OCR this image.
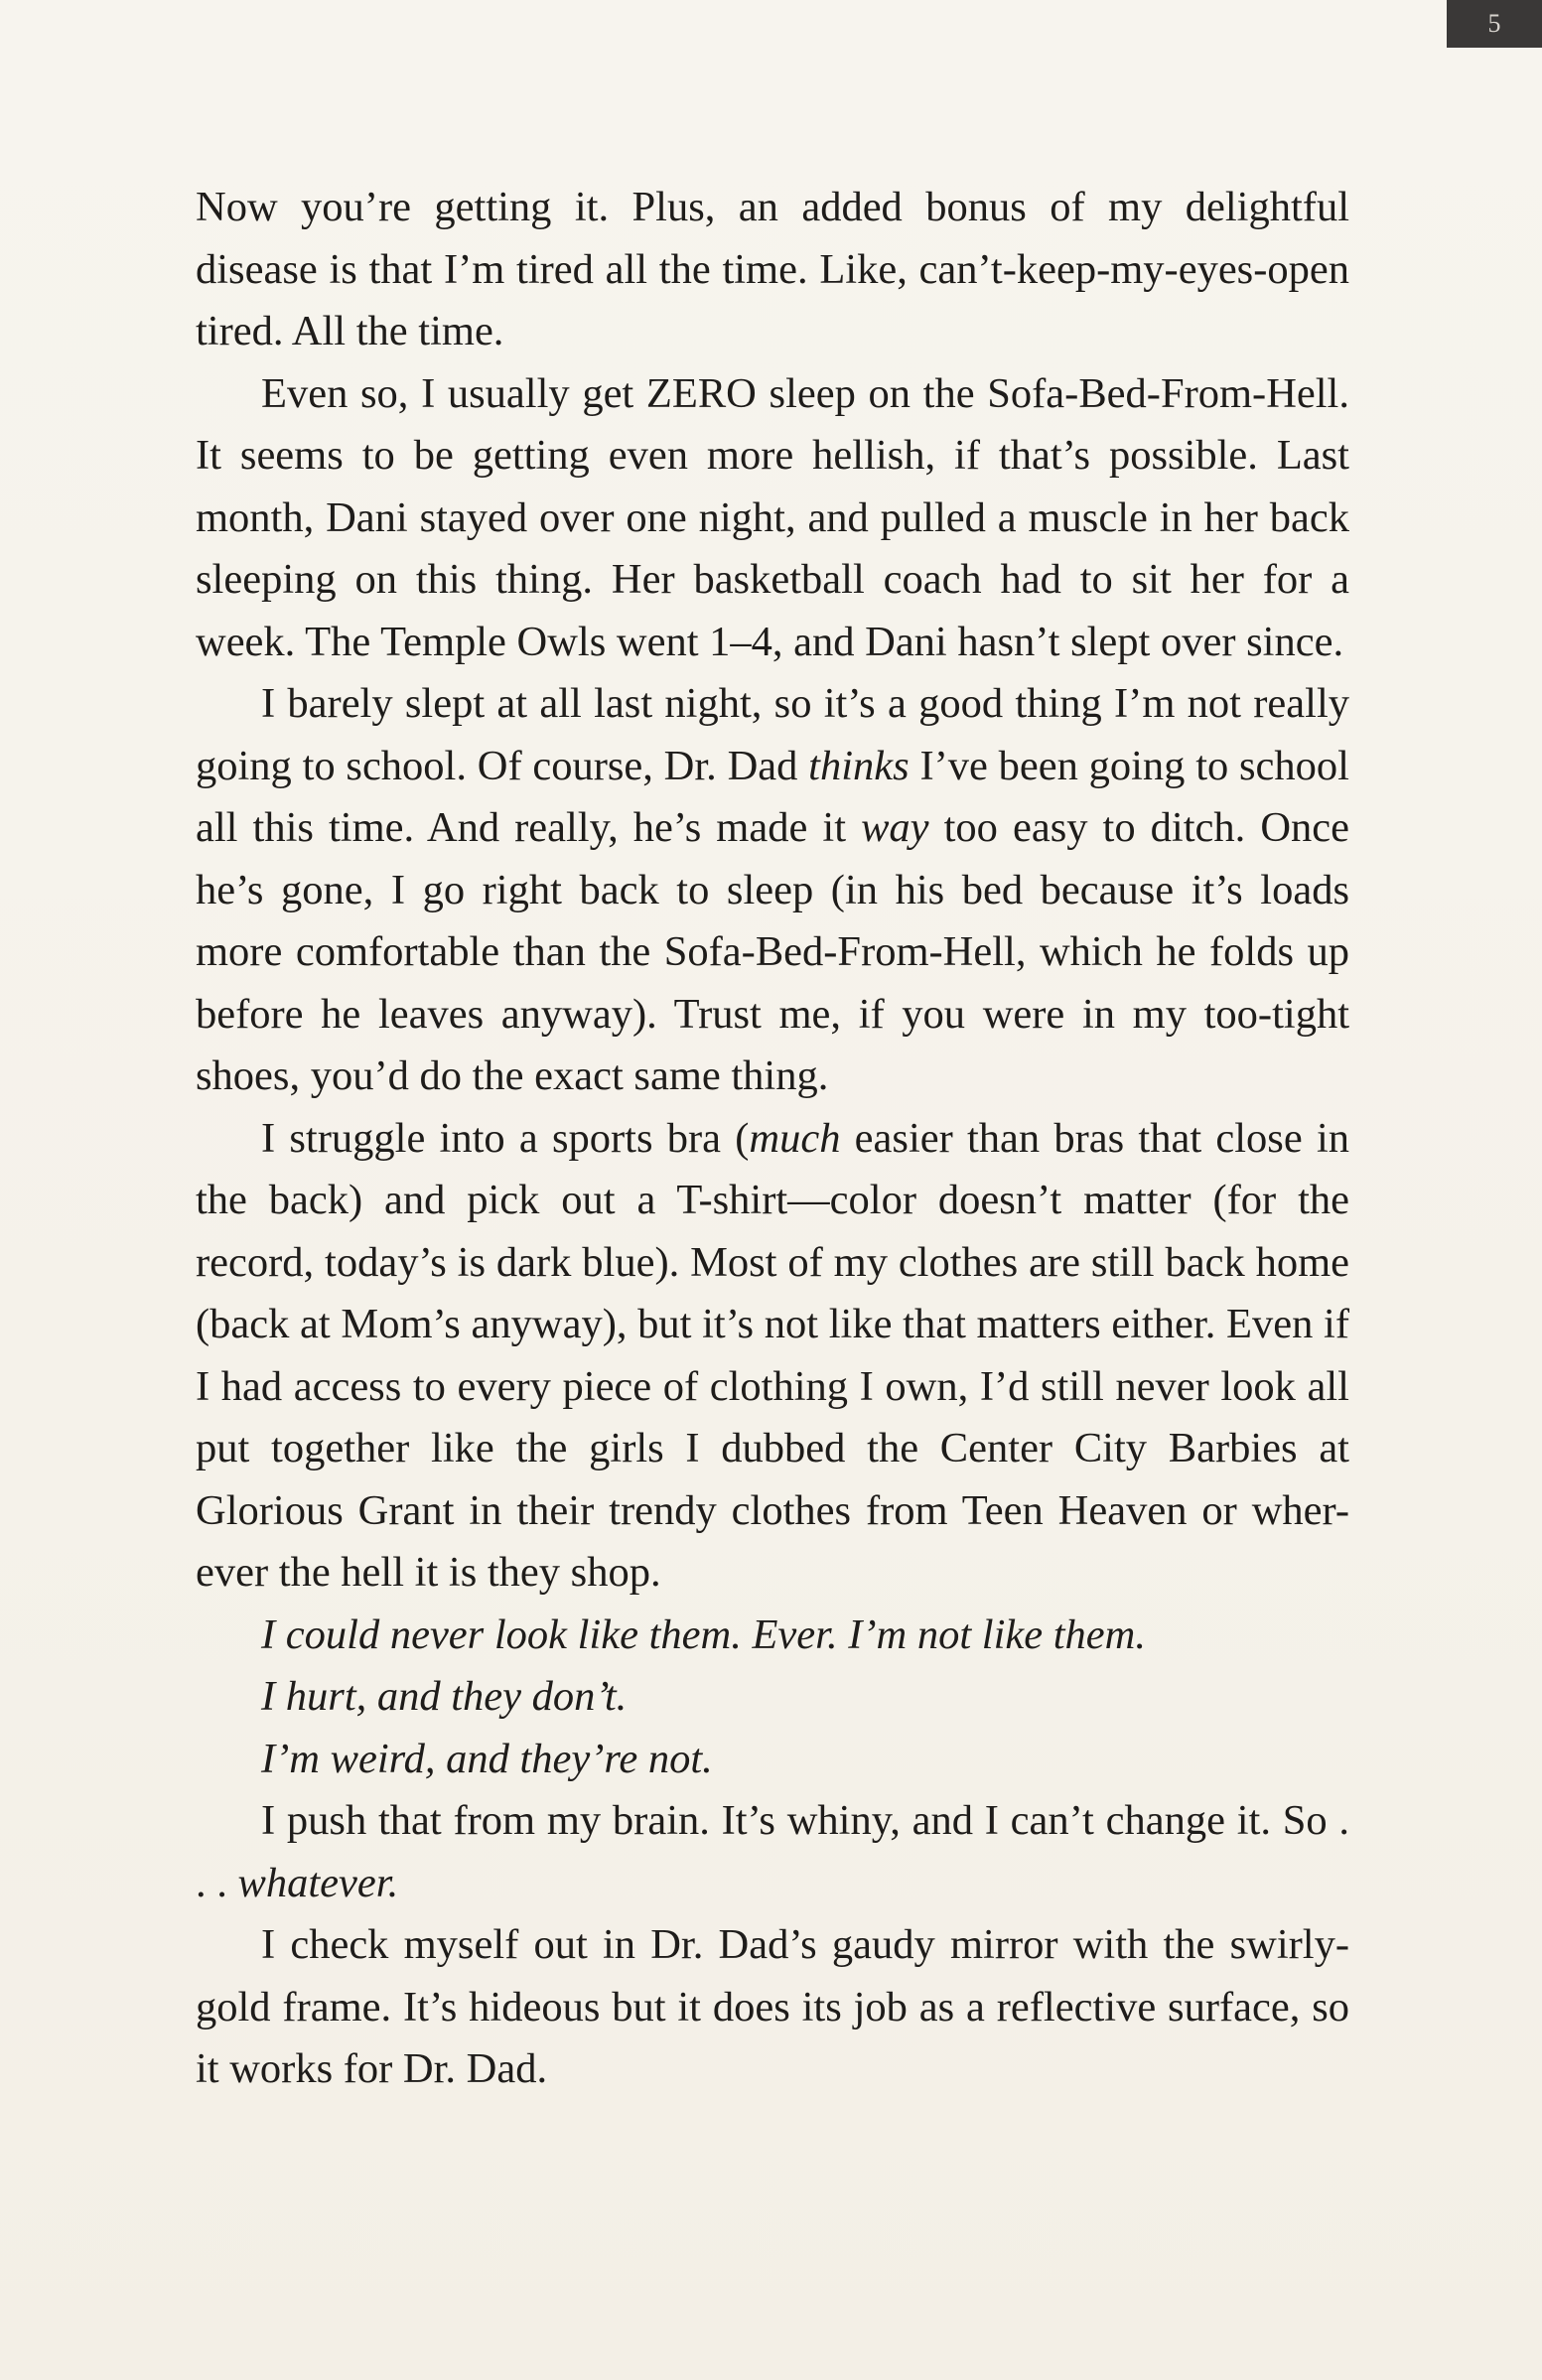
5

Now you’re getting it. Plus, an added bonus of my delightful disease is that I’m tired all the time. Like, can’t-keep-my-eyes-open tired. All the time.

Even so, I usually get ZERO sleep on the Sofa-Bed-From-Hell. It seems to be getting even more hellish, if that’s possible. Last month, Dani stayed over one night, and pulled a muscle in her back sleeping on this thing. Her basketball coach had to sit her for a week. The Temple Owls went 1–4, and Dani hasn’t slept over since.

I barely slept at all last night, so it’s a good thing I’m not really going to school. Of course, Dr. Dad thinks I’ve been going to school all this time. And really, he’s made it way too easy to ditch. Once he’s gone, I go right back to sleep (in his bed because it’s loads more comfortable than the Sofa-Bed-From-Hell, which he folds up before he leaves anyway). Trust me, if you were in my too-tight shoes, you’d do the exact same thing.

I struggle into a sports bra (much easier than bras that close in the back) and pick out a T-shirt—color doesn’t matter (for the record, today’s is dark blue). Most of my clothes are still back home (back at Mom’s anyway), but it’s not like that matters either. Even if I had access to every piece of clothing I own, I’d still never look all put together like the girls I dubbed the Center City Barbies at Glorious Grant in their trendy clothes from Teen Heaven or wher-ever the hell it is they shop.

I could never look like them. Ever. I’m not like them.

I hurt, and they don’t.

I’m weird, and they’re not.

I push that from my brain. It’s whiny, and I can’t change it. So . . . whatever.

I check myself out in Dr. Dad’s gaudy mirror with the swirly-gold frame. It’s hideous but it does its job as a reflective surface, so it works for Dr. Dad.
